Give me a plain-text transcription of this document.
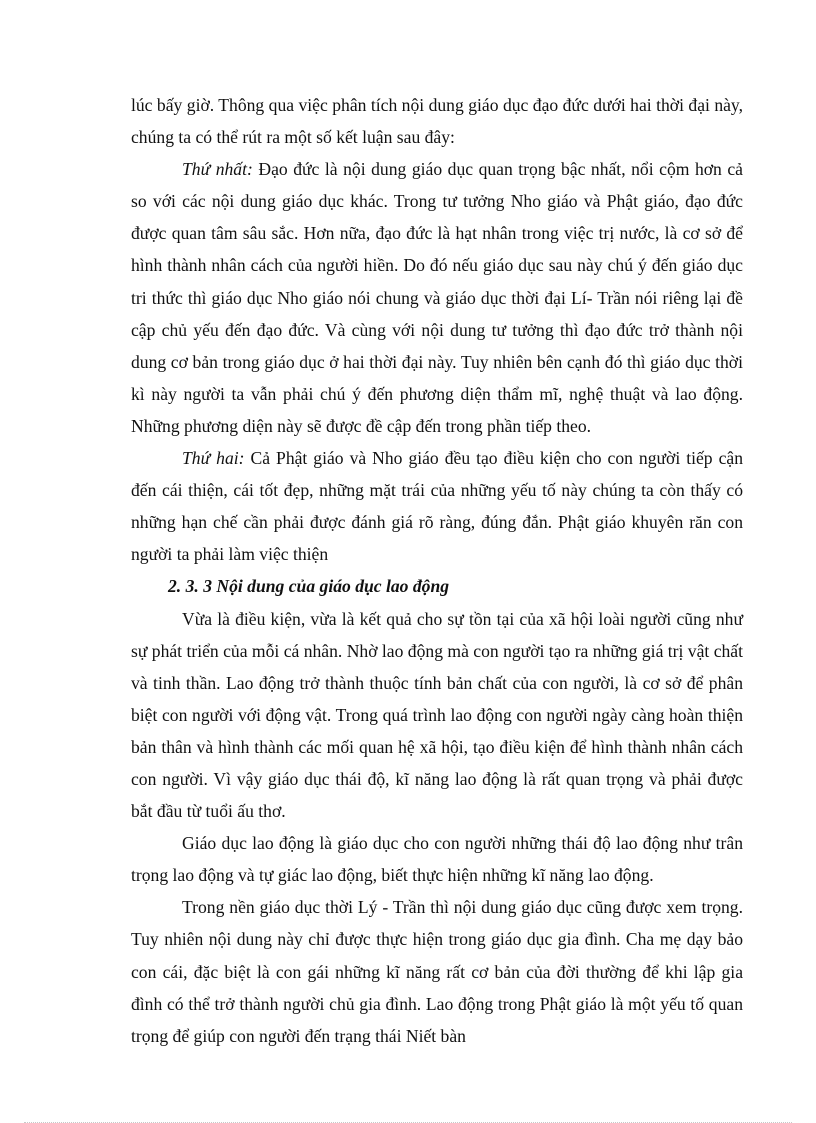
lúc bấy giờ. Thông qua việc phân tích nội dung giáo dục đạo đức dưới hai thời đại này, chúng ta có thể rút ra một số kết luận sau đây:

Thứ nhất: Đạo đức là nội dung giáo dục quan trọng bậc nhất, nổi cộm hơn cả so với các nội dung giáo dục khác. Trong tư tưởng Nho giáo và Phật giáo, đạo đức được quan tâm sâu sắc. Hơn nữa, đạo đức là hạt nhân trong việc trị nước, là cơ sở để hình thành nhân cách của người hiền. Do đó nếu giáo dục sau này chú ý đến giáo dục tri thức thì giáo dục Nho giáo nói chung và giáo dục thời đại Lí- Trần nói riêng lại đề cập chủ yếu đến đạo đức. Và cùng với nội dung tư tưởng thì đạo đức trở thành nội dung cơ bản trong giáo dục ở hai thời đại này. Tuy nhiên bên cạnh đó thì giáo dục thời kì này người ta vẫn phải chú ý đến phương diện thẩm mĩ, nghệ thuật và lao động. Những phương diện này sẽ được đề cập đến trong phần tiếp theo.

Thứ hai: Cả Phật giáo và Nho giáo đều tạo điều kiện cho con người tiếp cận đến cái thiện, cái tốt đẹp, những mặt trái của những yếu tố này chúng ta còn thấy có những hạn chế cần phải được đánh giá rõ ràng, đúng đắn. Phật giáo khuyên răn con người ta phải làm việc thiện

2. 3. 3 Nội dung của giáo dục lao động

Vừa là điều kiện, vừa là kết quả cho sự tồn tại của xã hội loài người cũng như sự phát triển của mỗi cá nhân. Nhờ lao động mà con người tạo ra những giá trị vật chất và tinh thần. Lao động trở thành thuộc tính bản chất của con người, là cơ sở để phân biệt con người với động vật. Trong quá trình lao động con người ngày càng hoàn thiện bản thân và hình thành các mối quan hệ xã hội, tạo điều kiện để hình thành nhân cách con người. Vì vậy giáo dục thái độ, kĩ năng lao động là rất quan trọng và phải được bắt đầu từ tuổi ấu thơ.

Giáo dục lao động là giáo dục cho con người những thái độ lao động như trân trọng lao động và tự giác lao động, biết thực hiện những kĩ năng lao động.

Trong nền giáo dục thời Lý - Trần thì nội dung giáo dục cũng được xem trọng. Tuy nhiên nội dung này chỉ được thực hiện trong giáo dục gia đình. Cha mẹ dạy bảo con cái, đặc biệt là con gái những kĩ năng rất cơ bản của đời thường để khi lập gia đình có thể trở thành người chủ gia đình. Lao động trong Phật giáo là một yếu tố quan trọng để giúp con người đến trạng thái Niết bàn
